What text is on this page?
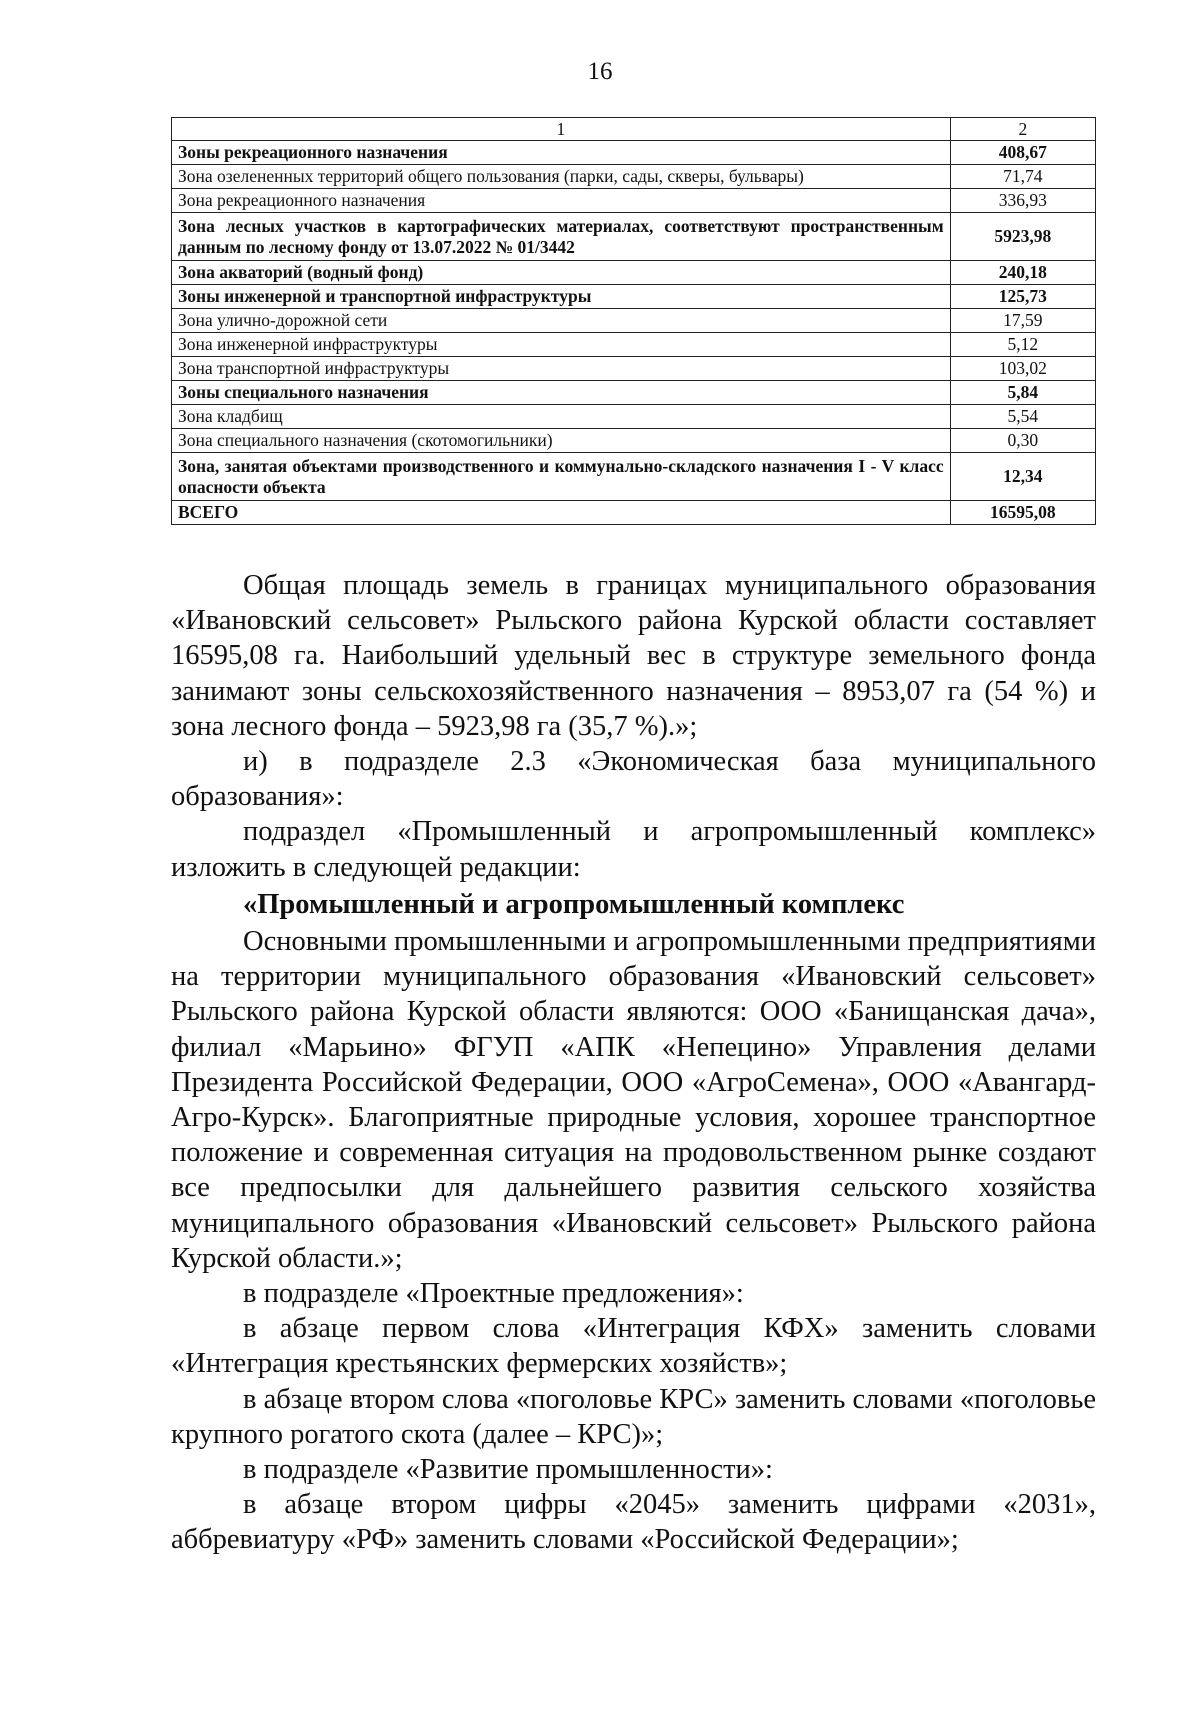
16
1	2
Зоны рекреационного назначения	408,67
Зона озелененных территорий общего пользования (парки, сады, скверы, бульвары)	71,74
Зона рекреационного назначения	336,93
Зона лесных участков в картографических материалах, соответствуют пространственным данным по лесному фонду от 13.07.2022 № 01/3442	5923,98
Зона акваторий (водный фонд)	240,18
Зоны инженерной и транспортной инфраструктуры	125,73
Зона улично-дорожной сети	17,59
Зона инженерной инфраструктуры	5,12
Зона транспортной инфраструктуры	103,02
Зоны специального назначения	5,84
Зона кладбищ	5,54
Зона специального назначения (скотомогильники)	0,30
Зона, занятая объектами производственного и коммунально-складского назначения I - V класс опасности объекта	12,34
ВСЕГО	16595,08

Общая площадь земель в границах муниципального образования «Ивановский сельсовет» Рыльского района Курской области составляет 16595,08 га. Наибольший удельный вес в структуре земельного фонда занимают зоны сельскохозяйственного назначения – 8953,07 га (54 %) и зона лесного фонда – 5923,98 га (35,7 %).»;

и) в подразделе 2.3 «Экономическая база муниципального образования»:

подраздел «Промышленный и агропромышленный комплекс» изложить в следующей редакции:

«Промышленный и агропромышленный комплекс

Основными промышленными и агропромышленными предприятиями на территории муниципального образования «Ивановский сельсовет» Рыльского района Курской области являются: ООО «Банищанская дача», филиал «Марьино» ФГУП «АПК «Непецино» Управления делами Президента Российской Федерации, ООО «АгроСемена», ООО «Авангард-Агро-Курск». Благоприятные природные условия, хорошее транспортное положение и современная ситуация на продовольственном рынке создают все предпосылки для дальнейшего развития сельского хозяйства муниципального образования «Ивановский сельсовет» Рыльского района Курской области.»;

в подразделе «Проектные предложения»:

в абзаце первом слова «Интеграция КФХ» заменить словами «Интеграция крестьянских фермерских хозяйств»;

в абзаце втором слова «поголовье КРС» заменить словами «поголовье крупного рогатого скота (далее – КРС)»;

в подразделе «Развитие промышленности»:

в абзаце втором цифры «2045» заменить цифрами «2031», аббревиатуру «РФ» заменить словами «Российской Федерации»;
